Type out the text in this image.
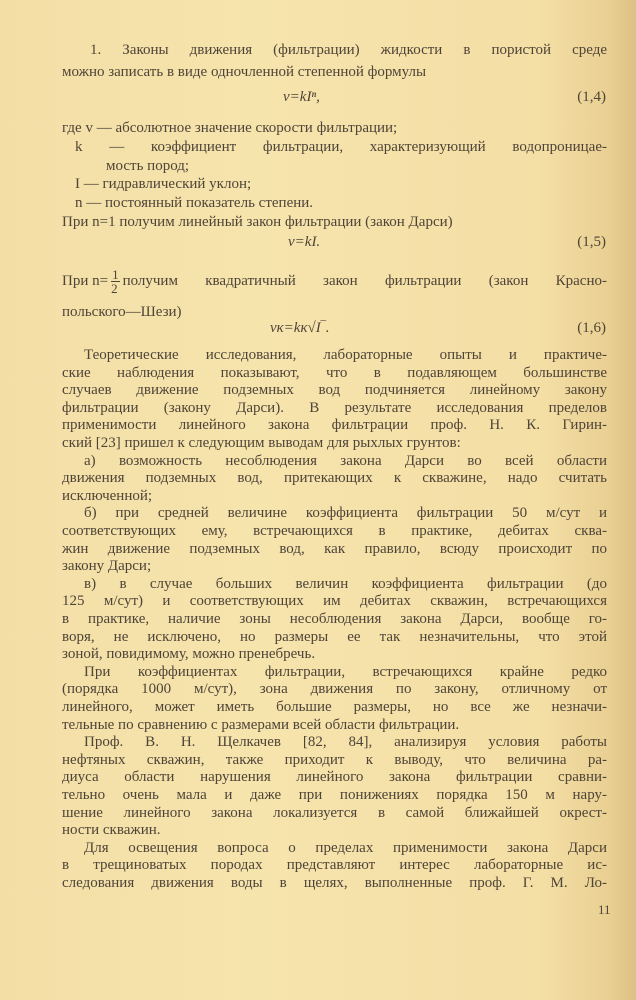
1. Законы движения (фильтрации) жидкости в пористой среде
можно записать в виде одночленной степенной формулы
v=kIⁿ,	(1,4)
где v — абсолютное значение скорости фильтрации;
k — коэффициент фильтрации, характеризующий водопроницае-
мость пород;
I — гидравлический уклон;
n — постоянный показатель степени.
При n=1 получим линейный закон фильтрации (закон Дарси)
v=kI.	(1,5)
При $n= \frac{1}{2}$ получим квадратичный закон фильтрации (закон Красно-
польского—Шези)
vк=kк√I‾.	(1,6)
Теоретические исследования, лабораторные опыты и практиче-
ские наблюдения показывают, что в подавляющем большинстве
случаев движение подземных вод подчиняется линейному закону
фильтрации (закону Дарси). В результате исследования пределов
применимости линейного закона фильтрации проф. Н. К. Гирин-
ский [23] пришел к следующим выводам для рыхлых грунтов:
а) возможность несоблюдения закона Дарси во всей области
движения подземных вод, притекающих к скважине, надо считать
исключенной;
б) при средней величине коэффициента фильтрации 50 м/сут и
соответствующих ему, встречающихся в практике, дебитах сква-
жин движение подземных вод, как правило, всюду происходит по
закону Дарси;
в) в случае больших величин коэффициента фильтрации (до
125 м/сут) и соответствующих им дебитах скважин, встречающихся
в практике, наличие зоны несоблюдения закона Дарси, вообще го-
воря, не исключено, но размеры ее так незначительны, что этой
зоной, повидимому, можно пренебречь.
При коэффициентах фильтрации, встречающихся крайне редко
(порядка 1000 м/сут), зона движения по закону, отличному от
линейного, может иметь большие размеры, но все же незначи-
тельные по сравнению с размерами всей области фильтрации.
Проф. В. Н. Щелкачев [82, 84], анализируя условия работы
нефтяных скважин, также приходит к выводу, что величина ра-
диуса области нарушения линейного закона фильтрации сравни-
тельно очень мала и даже при понижениях порядка 150 м нару-
шение линейного закона локализуется в самой ближайшей окрест-
ности скважин.
Для освещения вопроса о пределах применимости закона Дарси
в трещиноватых породах представляют интерес лабораторные ис-
следования движения воды в щелях, выполненные проф. Г. М. Ло-
11
